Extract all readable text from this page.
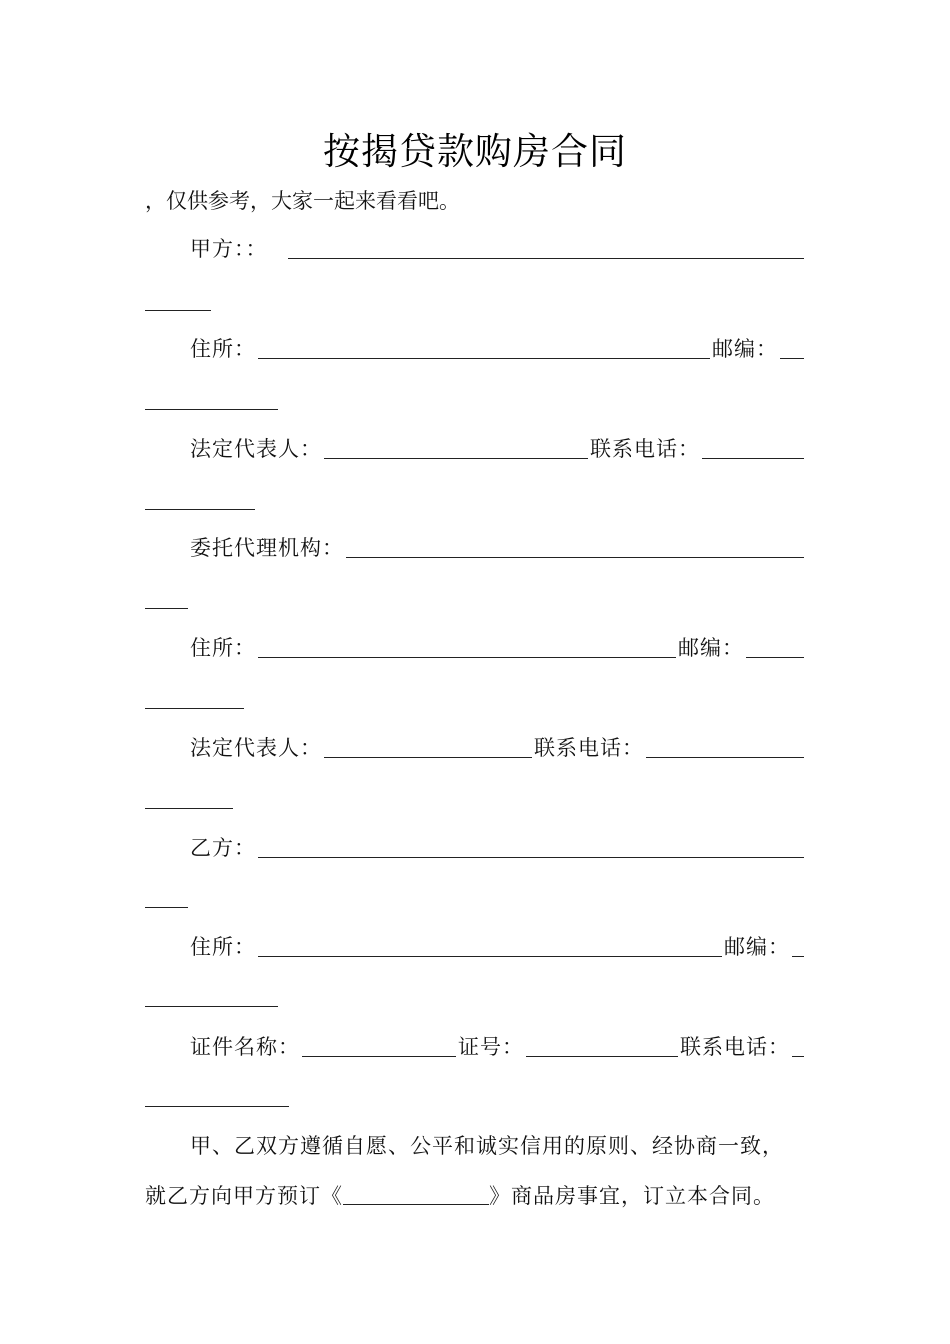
按揭贷款购房合同
，仅供参考，大家一起来看看吧。
甲方：：
住所：	邮编：
法定代表人：	联系电话：
委托代理机构：
住所：	邮编：
法定代表人：	联系电话：
乙方：
住所：	邮编：
证件名称：	证号：	联系电话：
甲、乙双方遵循自愿、公平和诚实信用的原则、经协商一致，
就乙方向甲方预订《	》商品房事宜，订立本合同。
